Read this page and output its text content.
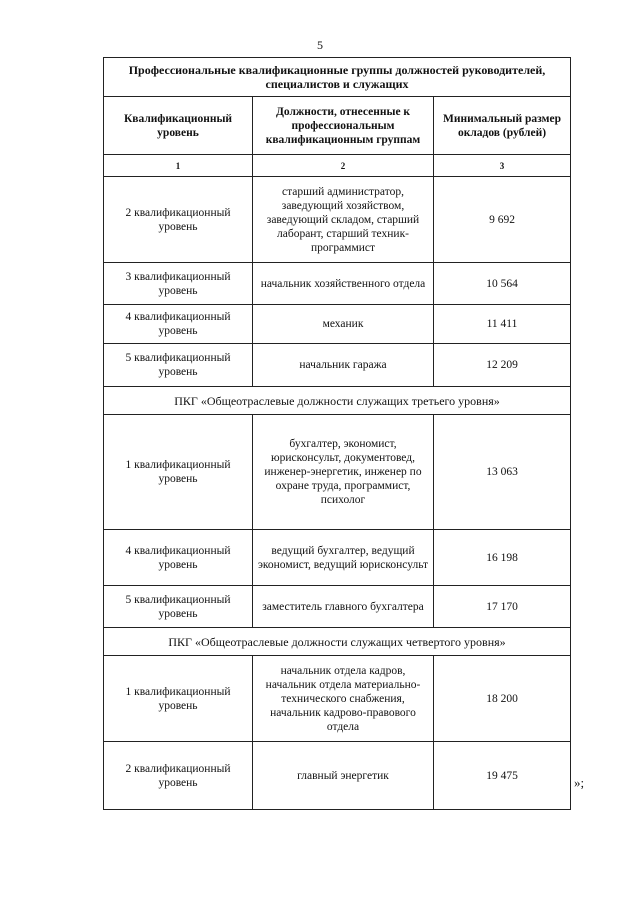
5
Профессиональные квалификационные группы должностей руководителей, специалистов и служащих		
Квалификационный уровень	Должности, отнесенные к профессиональным квалификационным группам	Минимальный размер окладов (рублей)
1	2	3
2 квалификационный уровень	старший администратор, заведующий хозяйством, заведующий складом, старший лаборант, старший техник-программист	9 692
3 квалификационный уровень	начальник хозяйственного отдела	10 564
4 квалификационный уровень	механик	11 411
5 квалификационный уровень	начальник гаража	12 209
ПКГ «Общеотраслевые должности служащих третьего уровня»		
1 квалификационный уровень	бухгалтер, экономист, юрисконсульт, документовед, инженер-энергетик, инженер по охране труда, программист, психолог	13 063
4 квалификационный уровень	ведущий бухгалтер, ведущий экономист, ведущий юрисконсульт	16 198
5 квалификационный уровень	заместитель главного бухгалтера	17 170
ПКГ «Общеотраслевые должности служащих четвертого уровня»		
1 квалификационный уровень	начальник отдела кадров, начальник отдела материально-технического снабжения, начальник кадрово-правового отдела	18 200
2 квалификационный уровень	главный энергетик	19 475	»;
